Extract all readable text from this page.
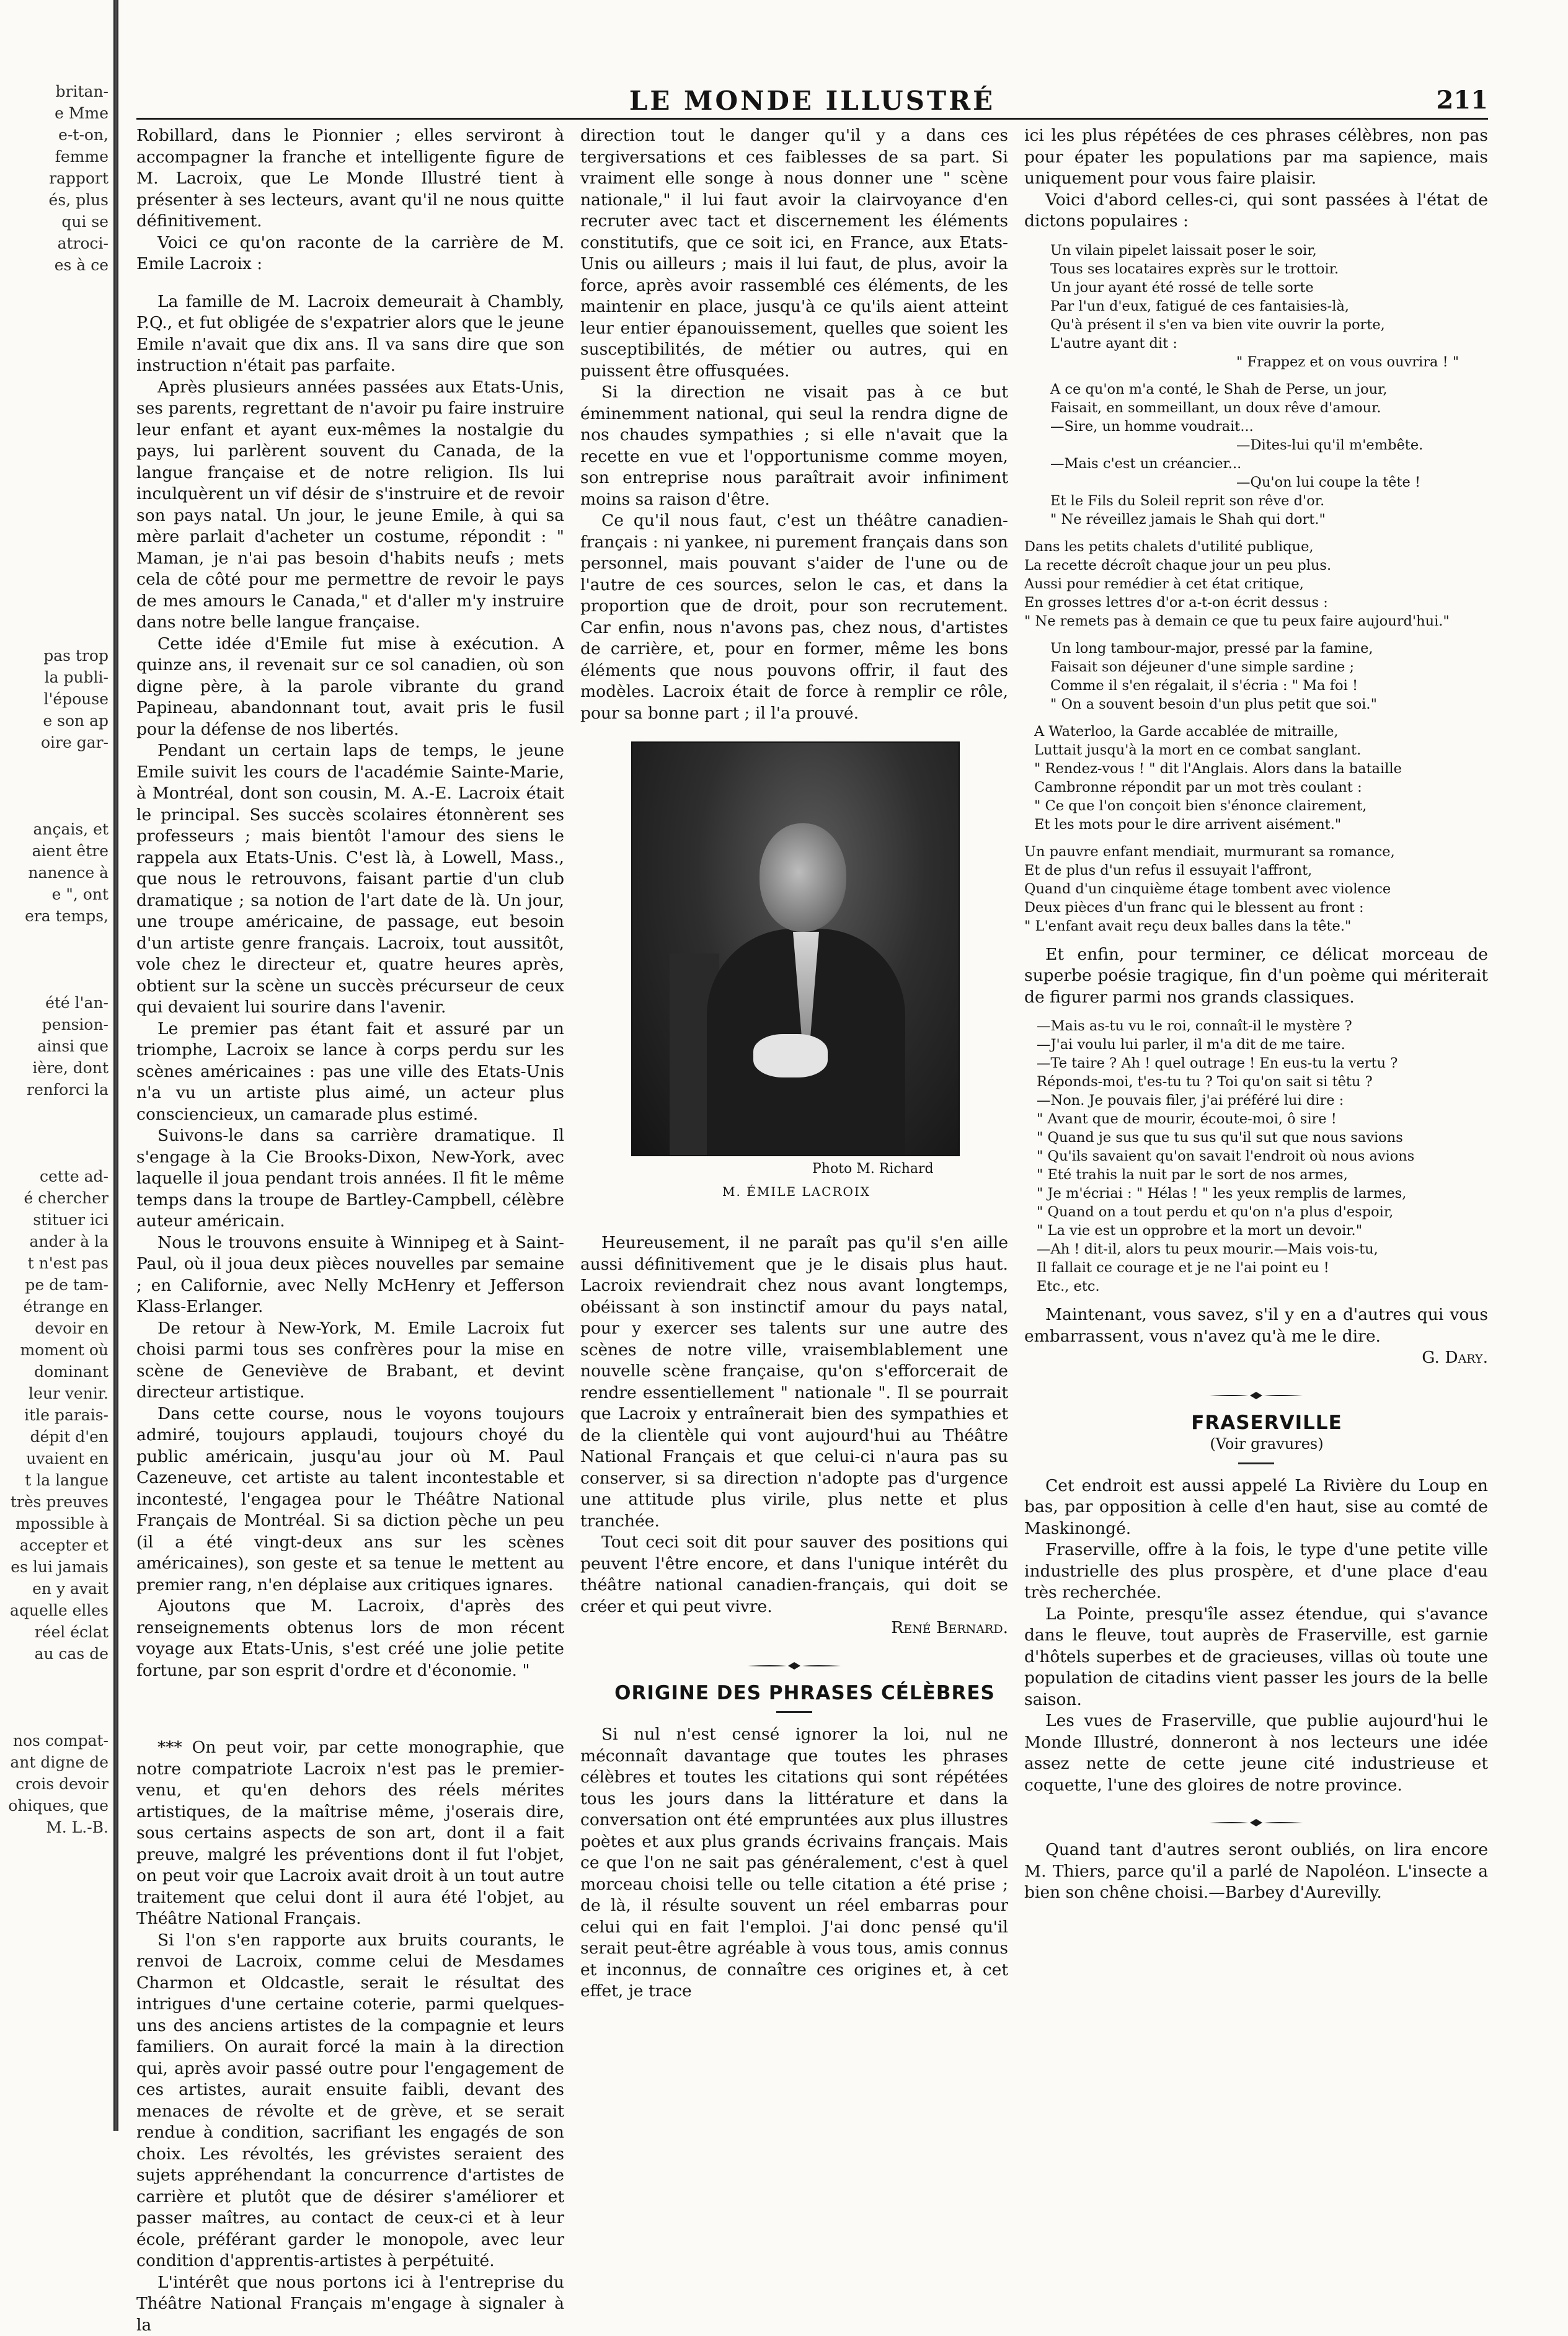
britan-
e Mme
e-t-on,
femme
rapport
és, plus
qui se
atroci-
es à ce

pas trop
la publi-
l'épouse
e son ap
oire gar-

ançais, et
aient être
nanence à
e ", ont
era temps,

été l'an-
pension-
ainsi que
ière, dont
renforci la

cette ad-
é chercher
stituer ici
ander à la
t n'est pas
pe de tam-
étrange en
devoir en
moment où
dominant
leur venir.
itle parais-
dépit d'en
uvaient en
t la langue
très preuves
mpossible à
accepter et
es lui jamais
en y avait
aquelle elles
réel éclat
au cas de

nos compat-
ant digne de
crois devoir
ohiques, que
M. L.-B.
LE MONDE ILLUSTRÉ	211

Robillard, dans le Pionnier ; elles serviront à accompagner la franche et intelligente figure de M. Lacroix, que Le Monde Illustré tient à présenter à ses lecteurs, avant qu'il ne nous quitte définitivement.

Voici ce qu'on raconte de la carrière de M. Emile Lacroix :

La famille de M. Lacroix demeurait à Chambly, P.Q., et fut obligée de s'expatrier alors que le jeune Emile n'avait que dix ans. Il va sans dire que son instruction n'était pas parfaite.

Après plusieurs années passées aux Etats-Unis, ses parents, regrettant de n'avoir pu faire instruire leur enfant et ayant eux-mêmes la nostalgie du pays, lui parlèrent souvent du Canada, de la langue française et de notre religion. Ils lui inculquèrent un vif désir de s'instruire et de revoir son pays natal. Un jour, le jeune Emile, à qui sa mère parlait d'acheter un costume, répondit : " Maman, je n'ai pas besoin d'habits neufs ; mets cela de côté pour me permettre de revoir le pays de mes amours le Canada," et d'aller m'y instruire dans notre belle langue française.

Cette idée d'Emile fut mise à exécution. A quinze ans, il revenait sur ce sol canadien, où son digne père, à la parole vibrante du grand Papineau, abandonnant tout, avait pris le fusil pour la défense de nos libertés.

Pendant un certain laps de temps, le jeune Emile suivit les cours de l'académie Sainte-Marie, à Montréal, dont son cousin, M. A.-E. Lacroix était le principal. Ses succès scolaires étonnèrent ses professeurs ; mais bientôt l'amour des siens le rappela aux Etats-Unis. C'est là, à Lowell, Mass., que nous le retrouvons, faisant partie d'un club dramatique ; sa notion de l'art date de là. Un jour, une troupe américaine, de passage, eut besoin d'un artiste genre français. Lacroix, tout aussitôt, vole chez le directeur et, quatre heures après, obtient sur la scène un succès précurseur de ceux qui devaient lui sourire dans l'avenir.

Le premier pas étant fait et assuré par un triomphe, Lacroix se lance à corps perdu sur les scènes américaines : pas une ville des Etats-Unis n'a vu un artiste plus aimé, un acteur plus consciencieux, un camarade plus estimé.

Suivons-le dans sa carrière dramatique. Il s'engage à la Cie Brooks-Dixon, New-York, avec laquelle il joua pendant trois années. Il fit le même temps dans la troupe de Bartley-Campbell, célèbre auteur américain.

Nous le trouvons ensuite à Winnipeg et à Saint-Paul, où il joua deux pièces nouvelles par semaine ; en Californie, avec Nelly McHenry et Jefferson Klass-Erlanger.

De retour à New-York, M. Emile Lacroix fut choisi parmi tous ses confrères pour la mise en scène de Geneviève de Brabant, et devint directeur artistique.

Dans cette course, nous le voyons toujours admiré, toujours applaudi, toujours choyé du public américain, jusqu'au jour où M. Paul Cazeneuve, cet artiste au talent incontestable et incontesté, l'engagea pour le Théâtre National Français de Montréal. Si sa diction pèche un peu (il a été vingt-deux ans sur les scènes américaines), son geste et sa tenue le mettent au premier rang, n'en déplaise aux critiques ignares.

Ajoutons que M. Lacroix, d'après des renseignements obtenus lors de mon récent voyage aux Etats-Unis, s'est créé une jolie petite fortune, par son esprit d'ordre et d'économie. "

*** On peut voir, par cette monographie, que notre compatriote Lacroix n'est pas le premier-venu, et qu'en dehors des réels mérites artistiques, de la maîtrise même, j'oserais dire, sous certains aspects de son art, dont il a fait preuve, malgré les préventions dont il fut l'objet, on peut voir que Lacroix avait droit à un tout autre traitement que celui dont il aura été l'objet, au Théâtre National Français.

Si l'on s'en rapporte aux bruits courants, le renvoi de Lacroix, comme celui de Mesdames Charmon et Oldcastle, serait le résultat des intrigues d'une certaine coterie, parmi quelques-uns des anciens artistes de la compagnie et leurs familiers. On aurait forcé la main à la direction qui, après avoir passé outre pour l'engagement de ces artistes, aurait ensuite faibli, devant des menaces de révolte et de grève, et se serait rendue à condition, sacrifiant les engagés de son choix. Les révoltés, les grévistes seraient des sujets appréhendant la concurrence d'artistes de carrière et plutôt que de désirer s'améliorer et passer maîtres, au contact de ceux-ci et à leur école, préférant garder le monopole, avec leur condition d'apprentis-artistes à perpétuité.

L'intérêt que nous portons ici à l'entreprise du Théâtre National Français m'engage à signaler à la

direction tout le danger qu'il y a dans ces tergiversations et ces faiblesses de sa part. Si vraiment elle songe à nous donner une " scène nationale," il lui faut avoir la clairvoyance d'en recruter avec tact et discernement les éléments constitutifs, que ce soit ici, en France, aux Etats-Unis ou ailleurs ; mais il lui faut, de plus, avoir la force, après avoir rassemblé ces éléments, de les maintenir en place, jusqu'à ce qu'ils aient atteint leur entier épanouissement, quelles que soient les susceptibilités, de métier ou autres, qui en puissent être offusquées.

Si la direction ne visait pas à ce but éminemment national, qui seul la rendra digne de nos chaudes sympathies ; si elle n'avait que la recette en vue et l'opportunisme comme moyen, son entreprise nous paraîtrait avoir infiniment moins sa raison d'être.

Ce qu'il nous faut, c'est un théâtre canadien-français : ni yankee, ni purement français dans son personnel, mais pouvant s'aider de l'une ou de l'autre de ces sources, selon le cas, et dans la proportion que de droit, pour son recrutement. Car enfin, nous n'avons pas, chez nous, d'artistes de carrière, et, pour en former, même les bons éléments que nous pouvons offrir, il faut des modèles. Lacroix était de force à remplir ce rôle, pour sa bonne part ; il l'a prouvé.

Heureusement, il ne paraît pas qu'il s'en aille aussi définitivement que je le disais plus haut. Lacroix reviendrait chez nous avant longtemps, obéissant à son instinctif amour du pays natal, pour y exercer ses talents sur une autre des scènes de notre ville, vraisemblablement une nouvelle scène française, qu'on s'efforcerait de rendre essentiellement " nationale ". Il se pourrait que Lacroix y entraînerait bien des sympathies et de la clientèle qui vont aujourd'hui au Théâtre National Français et que celui-ci n'aura pas su conserver, si sa direction n'adopte pas d'urgence une attitude plus virile, plus nette et plus tranchée.

Tout ceci soit dit pour sauver des positions qui peuvent l'être encore, et dans l'unique intérêt du théâtre national canadien-français, qui doit se créer et qui peut vivre.

René Bernard.

ORIGINE DES PHRASES CÉLÈBRES

Si nul n'est censé ignorer la loi, nul ne méconnaît davantage que toutes les phrases célèbres et toutes les citations qui sont répétées tous les jours dans la littérature et dans la conversation ont été empruntées aux plus illustres poètes et aux plus grands écrivains français. Mais ce que l'on ne sait pas généralement, c'est à quel morceau choisi telle ou telle citation a été prise ; de là, il résulte souvent un réel embarras pour celui qui en fait l'emploi. J'ai donc pensé qu'il serait peut-être agréable à vous tous, amis connus et inconnus, de connaître ces origines et, à cet effet, je trace

Photo M. Richard
M. ÉMILE LACROIX

ici les plus répétées de ces phrases célèbres, non pas pour épater les populations par ma sapience, mais uniquement pour vous faire plaisir.

Voici d'abord celles-ci, qui sont passées à l'état de dictons populaires :

Un vilain pipelet laissait poser le soir,
Tous ses locataires exprès sur le trottoir.
Un jour ayant été rossé de telle sorte
Par l'un d'eux, fatigué de ces fantaisies-là,
Qu'à présent il s'en va bien vite ouvrir la porte,
L'autre ayant dit :
" Frappez et on vous ouvrira ! "
A ce qu'on m'a conté, le Shah de Perse, un jour,
Faisait, en sommeillant, un doux rêve d'amour.
—Sire, un homme voudrait...
—Dites-lui qu'il m'embête.
—Mais c'est un créancier...
—Qu'on lui coupe la tête !
Et le Fils du Soleil reprit son rêve d'or.
" Ne réveillez jamais le Shah qui dort."
Dans les petits chalets d'utilité publique,
La recette décroît chaque jour un peu plus.
Aussi pour remédier à cet état critique,
En grosses lettres d'or a-t-on écrit dessus :
" Ne remets pas à demain ce que tu peux faire aujourd'hui."
Un long tambour-major, pressé par la famine,
Faisait son déjeuner d'une simple sardine ;
Comme il s'en régalait, il s'écria : " Ma foi !
" On a souvent besoin d'un plus petit que soi."
A Waterloo, la Garde accablée de mitraille,
Luttait jusqu'à la mort en ce combat sanglant.
" Rendez-vous ! " dit l'Anglais. Alors dans la bataille
Cambronne répondit par un mot très coulant :
" Ce que l'on conçoit bien s'énonce clairement,
Et les mots pour le dire arrivent aisément."
Un pauvre enfant mendiait, murmurant sa romance,
Et de plus d'un refus il essuyait l'affront,
Quand d'un cinquième étage tombent avec violence
Deux pièces d'un franc qui le blessent au front :
" L'enfant avait reçu deux balles dans la tête."

Et enfin, pour terminer, ce délicat morceau de superbe poésie tragique, fin d'un poème qui mériterait de figurer parmi nos grands classiques.

—Mais as-tu vu le roi, connaît-il le mystère ?
—J'ai voulu lui parler, il m'a dit de me taire.
—Te taire ? Ah ! quel outrage ! En eus-tu la vertu ?
Réponds-moi, t'es-tu tu ? Toi qu'on sait si têtu ?
—Non. Je pouvais filer, j'ai préféré lui dire :
" Avant que de mourir, écoute-moi, ô sire !
" Quand je sus que tu sus qu'il sut que nous savions
" Qu'ils savaient qu'on savait l'endroit où nous avions
" Eté trahis la nuit par le sort de nos armes,
" Je m'écriai : " Hélas ! " les yeux remplis de larmes,
" Quand on a tout perdu et qu'on n'a plus d'espoir,
" La vie est un opprobre et la mort un devoir."
—Ah ! dit-il, alors tu peux mourir.—Mais vois-tu,
Il fallait ce courage et je ne l'ai point eu !
Etc., etc.

Maintenant, vous savez, s'il y en a d'autres qui vous embarrassent, vous n'avez qu'à me le dire.

G. Dary.

FRASERVILLE

(Voir gravures)

Cet endroit est aussi appelé La Rivière du Loup en bas, par opposition à celle d'en haut, sise au comté de Maskinongé.

Fraserville, offre à la fois, le type d'une petite ville industrielle des plus prospère, et d'une place d'eau très recherchée.

La Pointe, presqu'île assez étendue, qui s'avance dans le fleuve, tout auprès de Fraserville, est garnie d'hôtels superbes et de gracieuses, villas où toute une population de citadins vient passer les jours de la belle saison.

Les vues de Fraserville, que publie aujourd'hui le Monde Illustré, donneront à nos lecteurs une idée assez nette de cette jeune cité industrieuse et coquette, l'une des gloires de notre province.

Quand tant d'autres seront oubliés, on lira encore M. Thiers, parce qu'il a parlé de Napoléon. L'insecte a bien son chêne choisi.—Barbey d'Aurevilly.
